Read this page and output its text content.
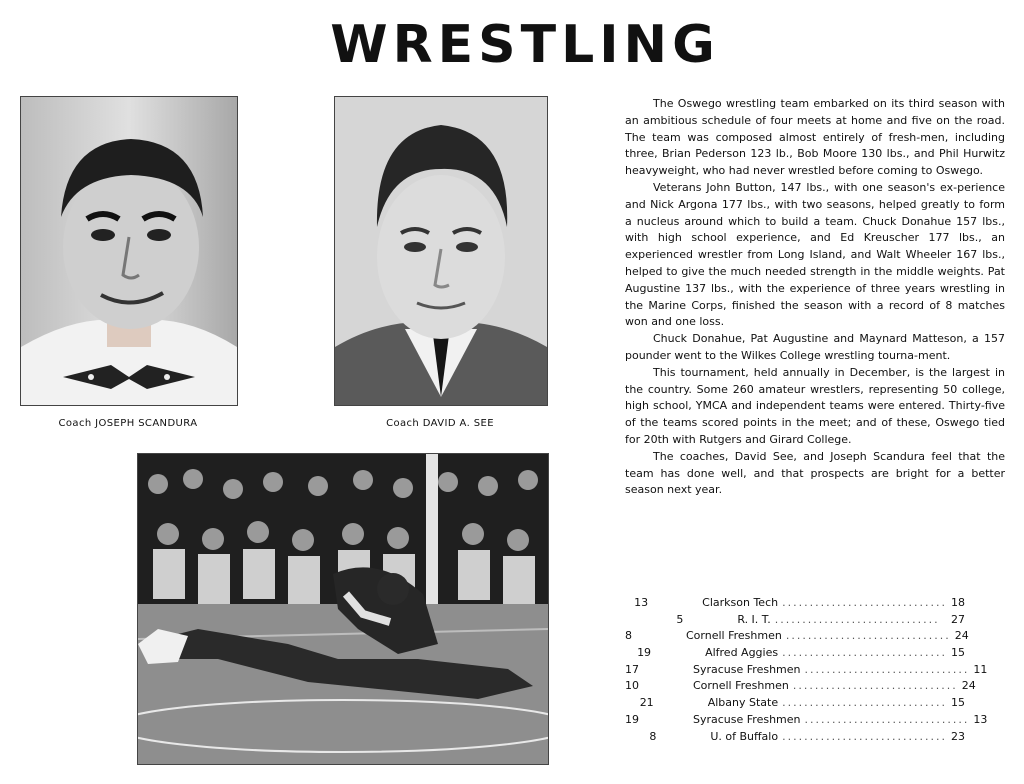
WRESTLING
Coach JOSEPH SCANDURA	Coach DAVID A. SEE

The Oswego wrestling team embarked on its third season with an ambitious schedule of four meets at home and five on the road. The team was composed almost entirely of fresh-men, including three, Brian Pederson 123 lb., Bob Moore 130 lbs., and Phil Hurwitz heavyweight, who had never wrestled before coming to Oswego.

Veterans John Button, 147 lbs., with one season's ex-perience and Nick Argona 177 lbs., with two seasons, helped greatly to form a nucleus around which to build a team. Chuck Donahue 157 lbs., with high school experience, and Ed Kreuscher 177 lbs., an experienced wrestler from Long Island, and Walt Wheeler 167 lbs., helped to give the much needed strength in the middle weights. Pat Augustine 137 lbs., with the experience of three years wrestling in the Marine Corps, finished the season with a record of 8 matches won and one loss.

Chuck Donahue, Pat Augustine and Maynard Matteson, a 157 pounder went to the Wilkes College wrestling tourna-ment.

This tournament, held annually in December, is the largest in the country. Some 260 amateur wrestlers, representing 50 college, high school, YMCA and independent teams were entered. Thirty-five of the teams scored points in the meet; and of these, Oswego tied for 20th with Rutgers and Girard College.

The coaches, David See, and Joseph Scandura feel that the team has done well, and that prospects are bright for a better season next year.

13	Clarkson Tech .............................. 18
5	R. I. T. ..............................	27
8	Cornell Freshmen .............................. 24
19	Alfred Aggies .............................. 15
17	Syracuse Freshmen .............................. 11
10	Cornell Freshmen .............................. 24
21	Albany State .............................. 15
19	Syracuse Freshmen .............................. 13
8	U. of Buffalo .............................. 23
